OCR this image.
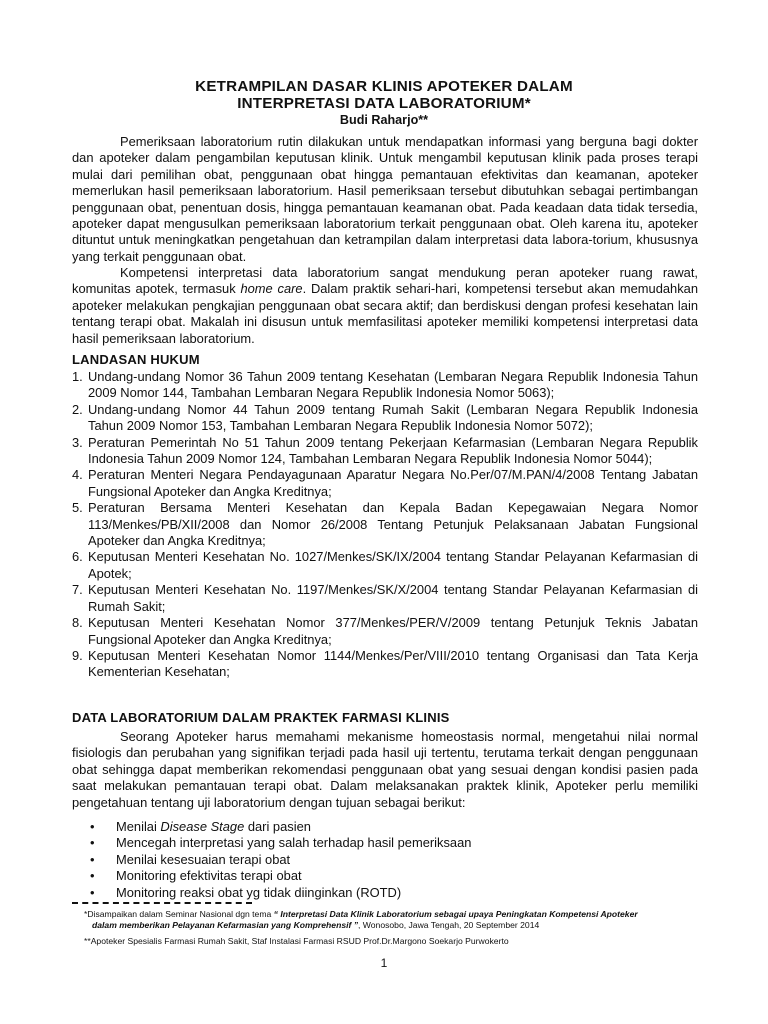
KETRAMPILAN DASAR KLINIS APOTEKER DALAM
INTERPRETASI DATA LABORATORIUM*
Budi Raharjo**

Pemeriksaan laboratorium rutin dilakukan untuk mendapatkan informasi yang berguna bagi dokter dan apoteker dalam pengambilan keputusan klinik. Untuk mengambil keputusan klinik pada proses terapi mulai dari pemilihan obat, penggunaan obat hingga pemantauan efektivitas dan keamanan, apoteker memerlukan hasil pemeriksaan laboratorium. Hasil pemeriksaan tersebut dibutuhkan sebagai pertimbangan penggunaan obat, penentuan dosis, hingga pemantauan keamanan obat. Pada keadaan data tidak tersedia, apoteker dapat mengusulkan pemeriksaan laboratorium terkait penggunaan obat. Oleh karena itu, apoteker dituntut untuk meningkatkan pengetahuan dan ketrampilan dalam interpretasi data labora-torium, khususnya yang terkait penggunaan obat.

Kompetensi interpretasi data laboratorium sangat mendukung peran apoteker ruang rawat, komunitas apotek, termasuk home care. Dalam praktik sehari-hari, kompetensi tersebut akan memudahkan apoteker melakukan pengkajian penggunaan obat secara aktif; dan berdiskusi dengan profesi kesehatan lain tentang terapi obat. Makalah ini disusun untuk memfasilitasi apoteker memiliki kompetensi interpretasi data hasil pemeriksaan laboratorium.

LANDASAN HUKUM
1. Undang-undang Nomor 36 Tahun 2009 tentang Kesehatan (Lembaran Negara Republik Indonesia Tahun 2009 Nomor 144, Tambahan Lembaran Negara Republik Indonesia Nomor 5063);
2. Undang-undang Nomor 44 Tahun 2009 tentang Rumah Sakit (Lembaran Negara Republik Indonesia Tahun 2009 Nomor 153, Tambahan Lembaran Negara Republik Indonesia Nomor 5072);
3. Peraturan Pemerintah No 51 Tahun 2009 tentang Pekerjaan Kefarmasian (Lembaran Negara Republik Indonesia Tahun 2009 Nomor 124, Tambahan Lembaran Negara Republik Indonesia Nomor 5044);
4. Peraturan Menteri Negara Pendayagunaan Aparatur Negara No.Per/07/M.PAN/4/2008 Tentang Jabatan Fungsional Apoteker dan Angka Kreditnya;
5. Peraturan Bersama Menteri Kesehatan dan Kepala Badan Kepegawaian Negara Nomor 113/Menkes/PB/XII/2008 dan Nomor 26/2008 Tentang Petunjuk Pelaksanaan Jabatan Fungsional Apoteker dan Angka Kreditnya;
6. Keputusan Menteri Kesehatan No. 1027/Menkes/SK/IX/2004 tentang Standar Pelayanan Kefarmasian di Apotek;
7. Keputusan Menteri Kesehatan No. 1197/Menkes/SK/X/2004 tentang Standar Pelayanan Kefarmasian di Rumah Sakit;
8. Keputusan Menteri Kesehatan Nomor 377/Menkes/PER/V/2009 tentang Petunjuk Teknis Jabatan Fungsional Apoteker dan Angka Kreditnya;
9. Keputusan Menteri Kesehatan Nomor 1144/Menkes/Per/VIII/2010 tentang Organisasi dan Tata Kerja Kementerian Kesehatan;
DATA LABORATORIUM DALAM PRAKTEK FARMASI KLINIS

Seorang Apoteker harus memahami mekanisme homeostasis normal, mengetahui nilai normal fisiologis dan perubahan yang signifikan terjadi pada hasil uji tertentu, terutama terkait dengan penggunaan obat sehingga dapat memberikan rekomendasi penggunaan obat yang sesuai dengan kondisi pasien pada saat melakukan pemantauan terapi obat. Dalam melaksanakan praktek klinik, Apoteker perlu memiliki pengetahuan tentang uji laboratorium dengan tujuan sebagai berikut:

• Menilai Disease Stage dari pasien
• Mencegah interpretasi yang salah terhadap hasil pemeriksaan
• Menilai kesesuaian terapi obat
• Monitoring efektivitas terapi obat
• Monitoring reaksi obat yg tidak diinginkan (ROTD)
*Disampaikan dalam Seminar Nasional dgn tema “ Interpretasi Data Klinik Laboratorium sebagai upaya Peningkatan Kompetensi Apoteker
dalam memberikan Pelayanan Kefarmasian yang Komprehensif ”, Wonosobo, Jawa Tengah, 20 September 2014
**Apoteker Spesialis Farmasi Rumah Sakit, Staf Instalasi Farmasi RSUD Prof.Dr.Margono Soekarjo Purwokerto
1
